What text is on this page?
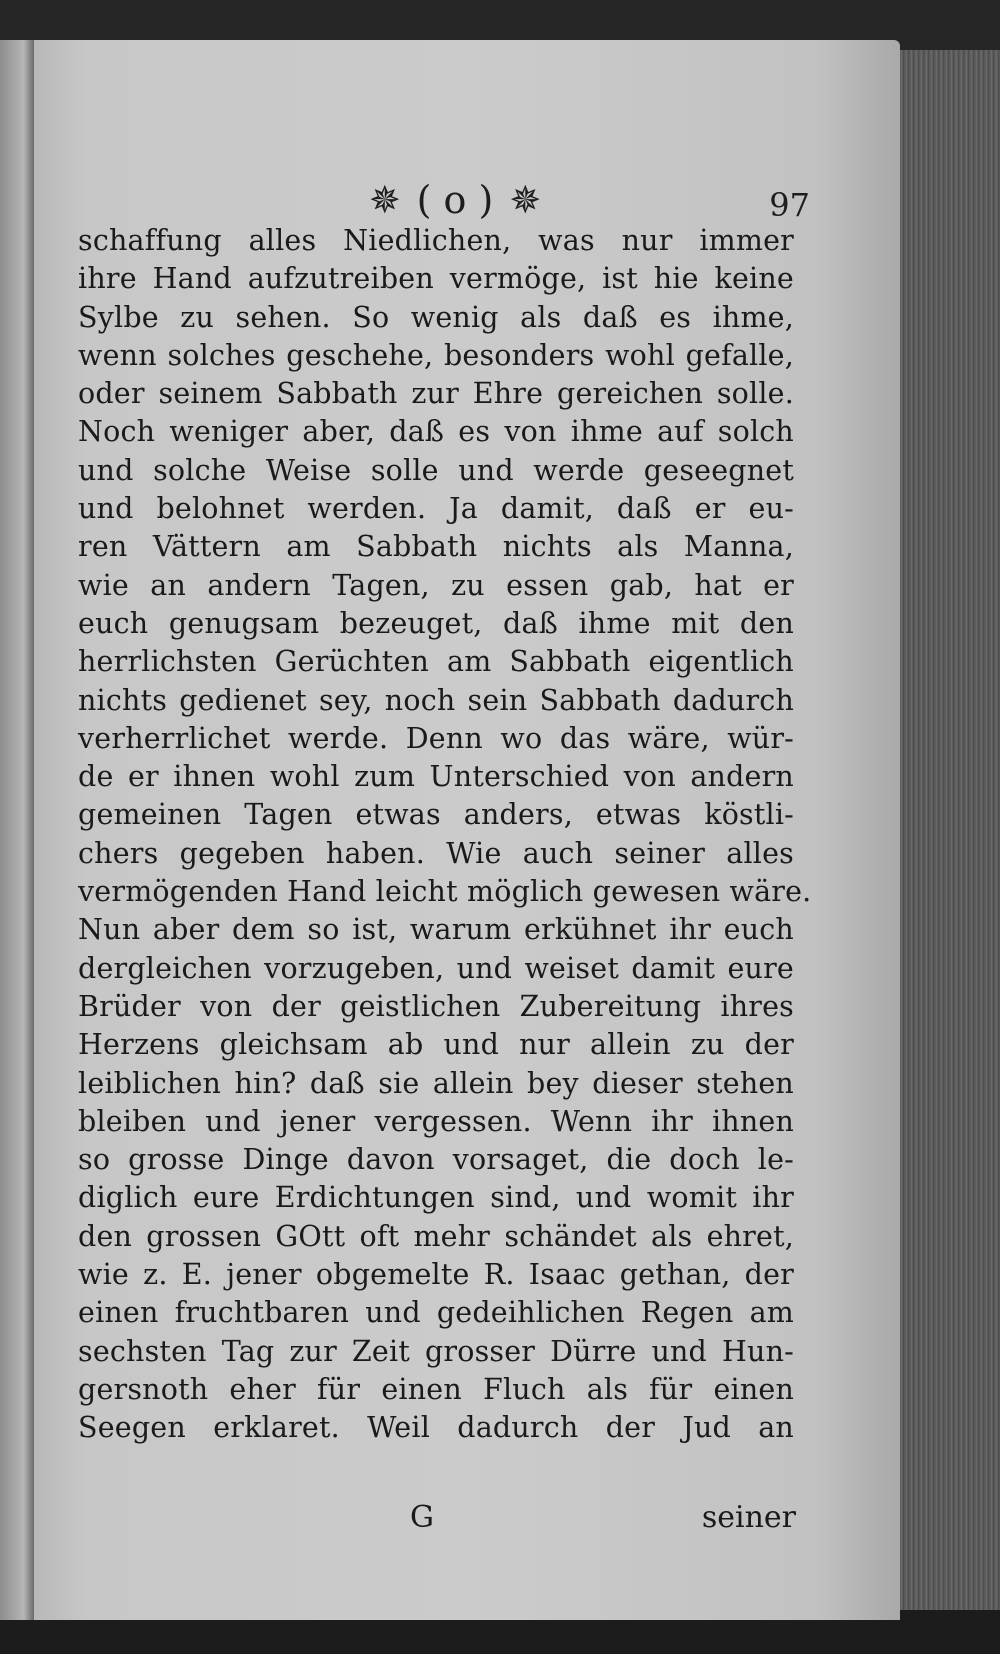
✵ ( o ) ✵	97
schaffung alles Niedlichen, was nur immer
ihre Hand aufzutreiben vermöge, ist hie keine
Sylbe zu sehen. So wenig als daß es ihme,
wenn solches geschehe, besonders wohl gefalle,
oder seinem Sabbath zur Ehre gereichen solle.
Noch weniger aber, daß es von ihme auf solch
und solche Weise solle und werde geseegnet
und belohnet werden. Ja damit, daß er eu-
ren Vättern am Sabbath nichts als Manna,
wie an andern Tagen, zu essen gab, hat er
euch genugsam bezeuget, daß ihme mit den
herrlichsten Gerüchten am Sabbath eigentlich
nichts gedienet sey, noch sein Sabbath dadurch
verherrlichet werde. Denn wo das wäre, wür-
de er ihnen wohl zum Unterschied von andern
gemeinen Tagen etwas anders, etwas köstli-
chers gegeben haben. Wie auch seiner alles
vermögenden Hand leicht möglich gewesen wäre.
Nun aber dem so ist, warum erkühnet ihr euch
dergleichen vorzugeben, und weiset damit eure
Brüder von der geistlichen Zubereitung ihres
Herzens gleichsam ab und nur allein zu der
leiblichen hin? daß sie allein bey dieser stehen
bleiben und jener vergessen. Wenn ihr ihnen
so grosse Dinge davon vorsaget, die doch le-
diglich eure Erdichtungen sind, und womit ihr
den grossen GOtt oft mehr schändet als ehret,
wie z. E. jener obgemelte R. Isaac gethan, der
einen fruchtbaren und gedeihlichen Regen am
sechsten Tag zur Zeit grosser Dürre und Hun-
gersnoth eher für einen Fluch als für einen
Seegen erklaret. Weil dadurch der Jud an
G	seiner
